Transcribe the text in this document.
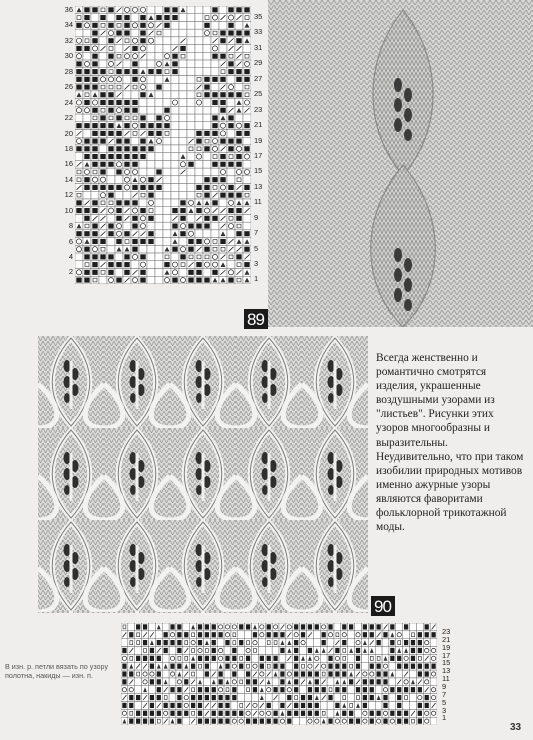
36
34
32
30
28
26
24
22
20
18
16
14
12
10
8
6
4
2
35
33
31
29
27
25
23
21
19
17
15
13
11
9
7
5
3
1
89
90

Всегда женственно и романтично смотрятся изделия, украшенные воздушными узорами из "листьев". Рисунки этих узоров многообразны и выразительны. Неудивительно, что при таком изобилии природных мотивов именно ажурные узоры являются фаворитами фольклорной трикотажной моды.

23
21
19
17
15
13
11
9
7
5
3
1

В изн. р. петли вязать по узору полотна, накиды — изн. п.

33
